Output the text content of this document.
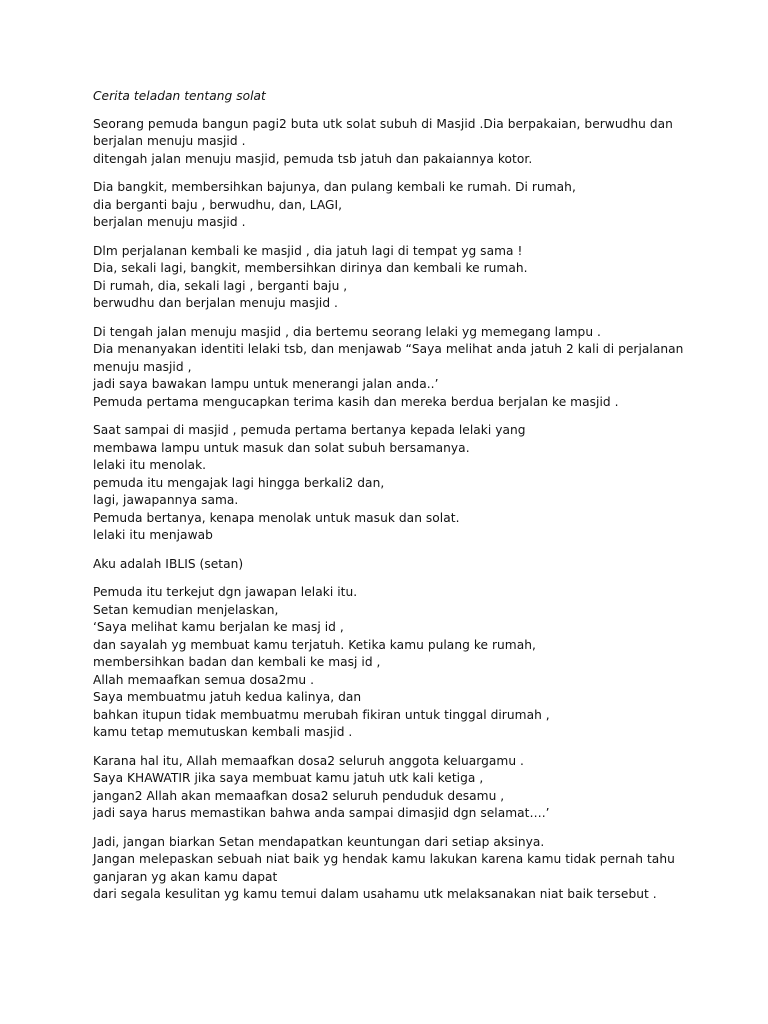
Cerita teladan tentang solat
Seorang pemuda bangun pagi2 buta utk solat subuh di Masjid .Dia berpakaian, berwudhu dan
berjalan menuju masjid .
ditengah jalan menuju masjid, pemuda tsb jatuh dan pakaiannya kotor.
Dia bangkit, membersihkan bajunya, dan pulang kembali ke rumah. Di rumah,
dia berganti baju , berwudhu, dan, LAGI,
berjalan menuju masjid .
Dlm perjalanan kembali ke masjid , dia jatuh lagi di tempat yg sama !
Dia, sekali lagi, bangkit, membersihkan dirinya dan kembali ke rumah.
Di rumah, dia, sekali lagi , berganti baju ,
berwudhu dan berjalan menuju masjid .
Di tengah jalan menuju masjid , dia bertemu seorang lelaki yg memegang lampu .
Dia menanyakan identiti lelaki tsb, dan menjawab “Saya melihat anda jatuh 2 kali di perjalanan
menuju masjid ,
jadi saya bawakan lampu untuk menerangi jalan anda..’
Pemuda pertama mengucapkan terima kasih dan mereka berdua berjalan ke masjid .
Saat sampai di masjid , pemuda pertama bertanya kepada lelaki yang
membawa lampu untuk masuk dan solat subuh bersamanya.
lelaki itu menolak.
pemuda itu mengajak lagi hingga berkali2 dan,
lagi, jawapannya sama.
Pemuda bertanya, kenapa menolak untuk masuk dan solat.
lelaki itu menjawab
Aku adalah IBLIS (setan)
Pemuda itu terkejut dgn jawapan lelaki itu.
Setan kemudian menjelaskan,
‘Saya melihat kamu berjalan ke masj id ,
dan sayalah yg membuat kamu terjatuh. Ketika kamu pulang ke rumah,
membersihkan badan dan kembali ke masj id ,
Allah memaafkan semua dosa2mu .
Saya membuatmu jatuh kedua kalinya, dan
bahkan itupun tidak membuatmu merubah fikiran untuk tinggal dirumah ,
kamu tetap memutuskan kembali masjid .
Karana hal itu, Allah memaafkan dosa2 seluruh anggota keluargamu .
Saya KHAWATIR jika saya membuat kamu jatuh utk kali ketiga ,
jangan2 Allah akan memaafkan dosa2 seluruh penduduk desamu ,
jadi saya harus memastikan bahwa anda sampai dimasjid dgn selamat….’
Jadi, jangan biarkan Setan mendapatkan keuntungan dari setiap aksinya.
Jangan melepaskan sebuah niat baik yg hendak kamu lakukan karena kamu tidak pernah tahu
ganjaran yg akan kamu dapat
dari segala kesulitan yg kamu temui dalam usahamu utk melaksanakan niat baik tersebut .
